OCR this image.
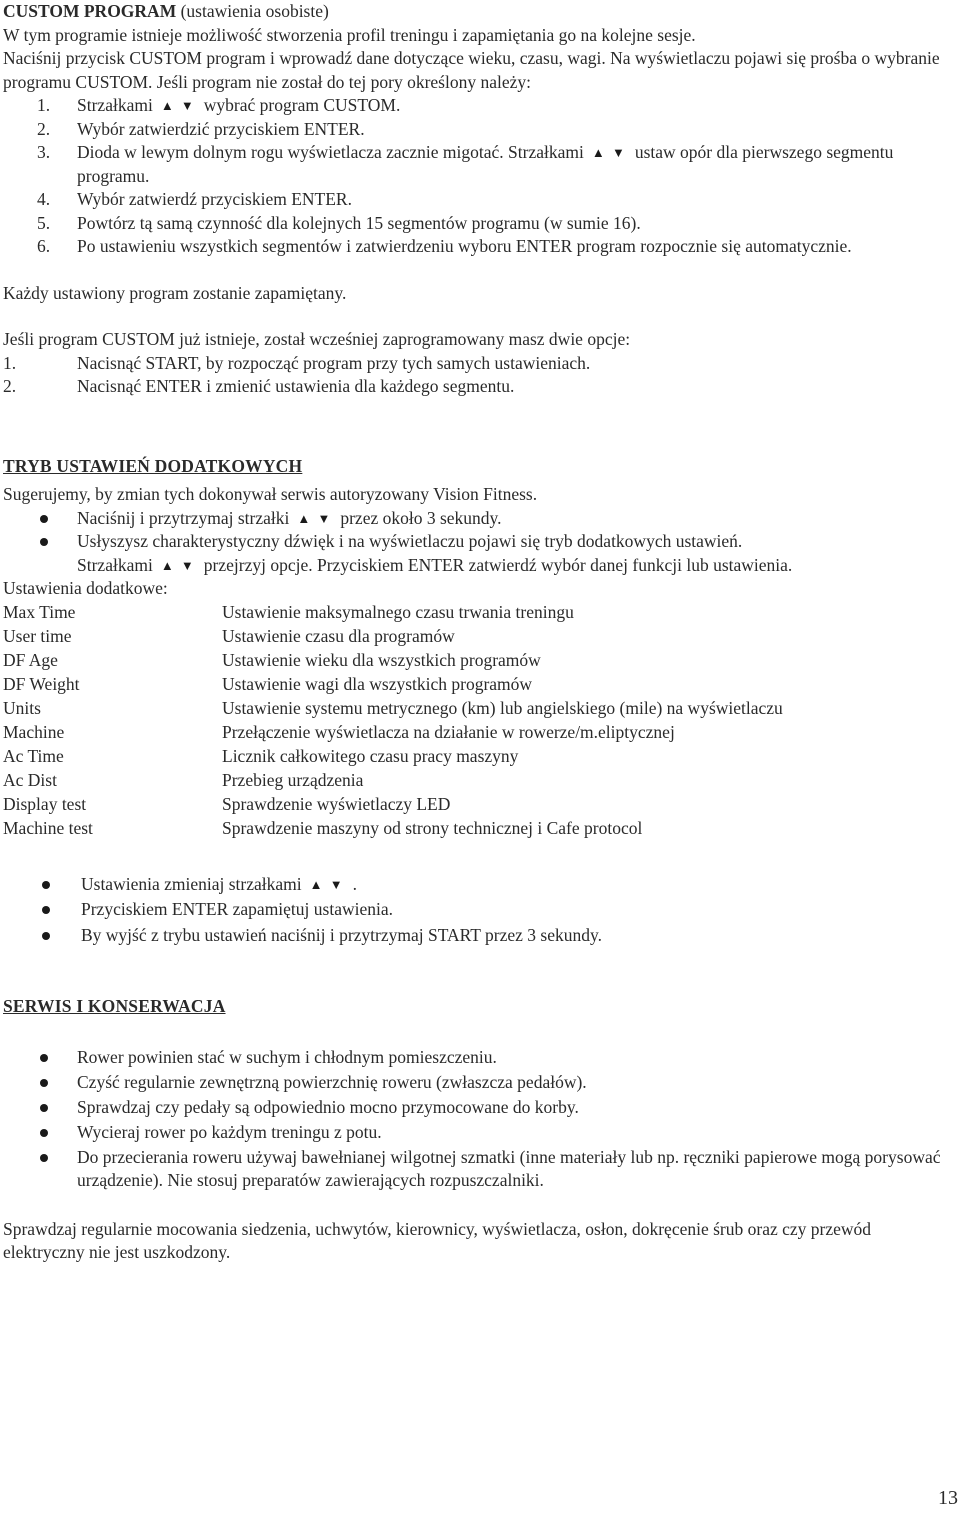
CUSTOM PROGRAM (ustawienia osobiste)

W tym programie istnieje możliwość stworzenia profil treningu i zapamiętania go na kolejne sesje.

Naciśnij przycisk CUSTOM program i wprowadź dane dotyczące wieku, czasu, wagi. Na wyświetlaczu pojawi się prośba o wybranie programu CUSTOM. Jeśli program nie został do tej pory określony należy:

1. Strzałkami ▲ ▼ wybrać program CUSTOM.
2. Wybór zatwierdzić przyciskiem ENTER.
3. Dioda w lewym dolnym rogu wyświetlacza zacznie migotać. Strzałkami ▲ ▼ ustaw opór dla pierwszego segmentu programu.
4. Wybór zatwierdź przyciskiem ENTER.
5. Powtórz tą samą czynność dla kolejnych 15 segmentów programu (w sumie 16).
6. Po ustawieniu wszystkich segmentów i zatwierdzeniu wyboru ENTER program rozpocznie się automatycznie.

Każdy ustawiony program zostanie zapamiętany.

Jeśli program CUSTOM już istnieje, został wcześniej zaprogramowany masz dwie opcje:

1.	Nacisnąć START, by rozpocząć program przy tych samych ustawieniach.
2.	Nacisnąć ENTER i zmienić ustawienia dla każdego segmentu.

TRYB USTAWIEŃ DODATKOWYCH

Sugerujemy, by zmian tych dokonywał serwis autoryzowany Vision Fitness.

Naciśnij i przytrzymaj strzałki ▲ ▼ przez około 3 sekundy.
Usłyszysz charakterystyczny dźwięk i na wyświetlaczu pojawi się tryb dodatkowych ustawień.
Strzałkami ▲ ▼ przejrzyj opcje. Przyciskiem ENTER zatwierdź wybór danej funkcji lub ustawienia.

Ustawienia dodatkowe:

Max Time	Ustawienie maksymalnego czasu trwania treningu
User time	Ustawienie czasu dla programów
DF Age	Ustawienie wieku dla wszystkich programów
DF Weight	Ustawienie wagi dla wszystkich programów
Units	Ustawienie systemu metrycznego (km) lub angielskiego (mile) na wyświetlaczu
Machine	Przełączenie wyświetlacza na działanie w rowerze/m.eliptycznej
Ac Time	Licznik całkowitego czasu pracy maszyny
Ac Dist	Przebieg urządzenia
Display test	Sprawdzenie wyświetlaczy LED
Machine test	Sprawdzenie maszyny od strony technicznej i Cafe protocol
Ustawienia zmieniaj strzałkami ▲ ▼ .
Przyciskiem ENTER zapamiętuj ustawienia.
By wyjść z trybu ustawień naciśnij i przytrzymaj START przez 3 sekundy.

SERWIS I KONSERWACJA

Rower powinien stać w suchym i chłodnym pomieszczeniu.
Czyść regularnie zewnętrzną powierzchnię roweru (zwłaszcza pedałów).
Sprawdzaj czy pedały są odpowiednio mocno przymocowane do korby.
Wycieraj rower po każdym treningu z potu.
Do przecierania roweru używaj bawełnianej wilgotnej szmatki (inne materiały lub np. ręczniki papierowe mogą porysować urządzenie). Nie stosuj preparatów zawierających rozpuszczalniki.

Sprawdzaj regularnie mocowania siedzenia, uchwytów, kierownicy, wyświetlacza, osłon, dokręcenie śrub oraz czy przewód elektryczny nie jest uszkodzony.

13
